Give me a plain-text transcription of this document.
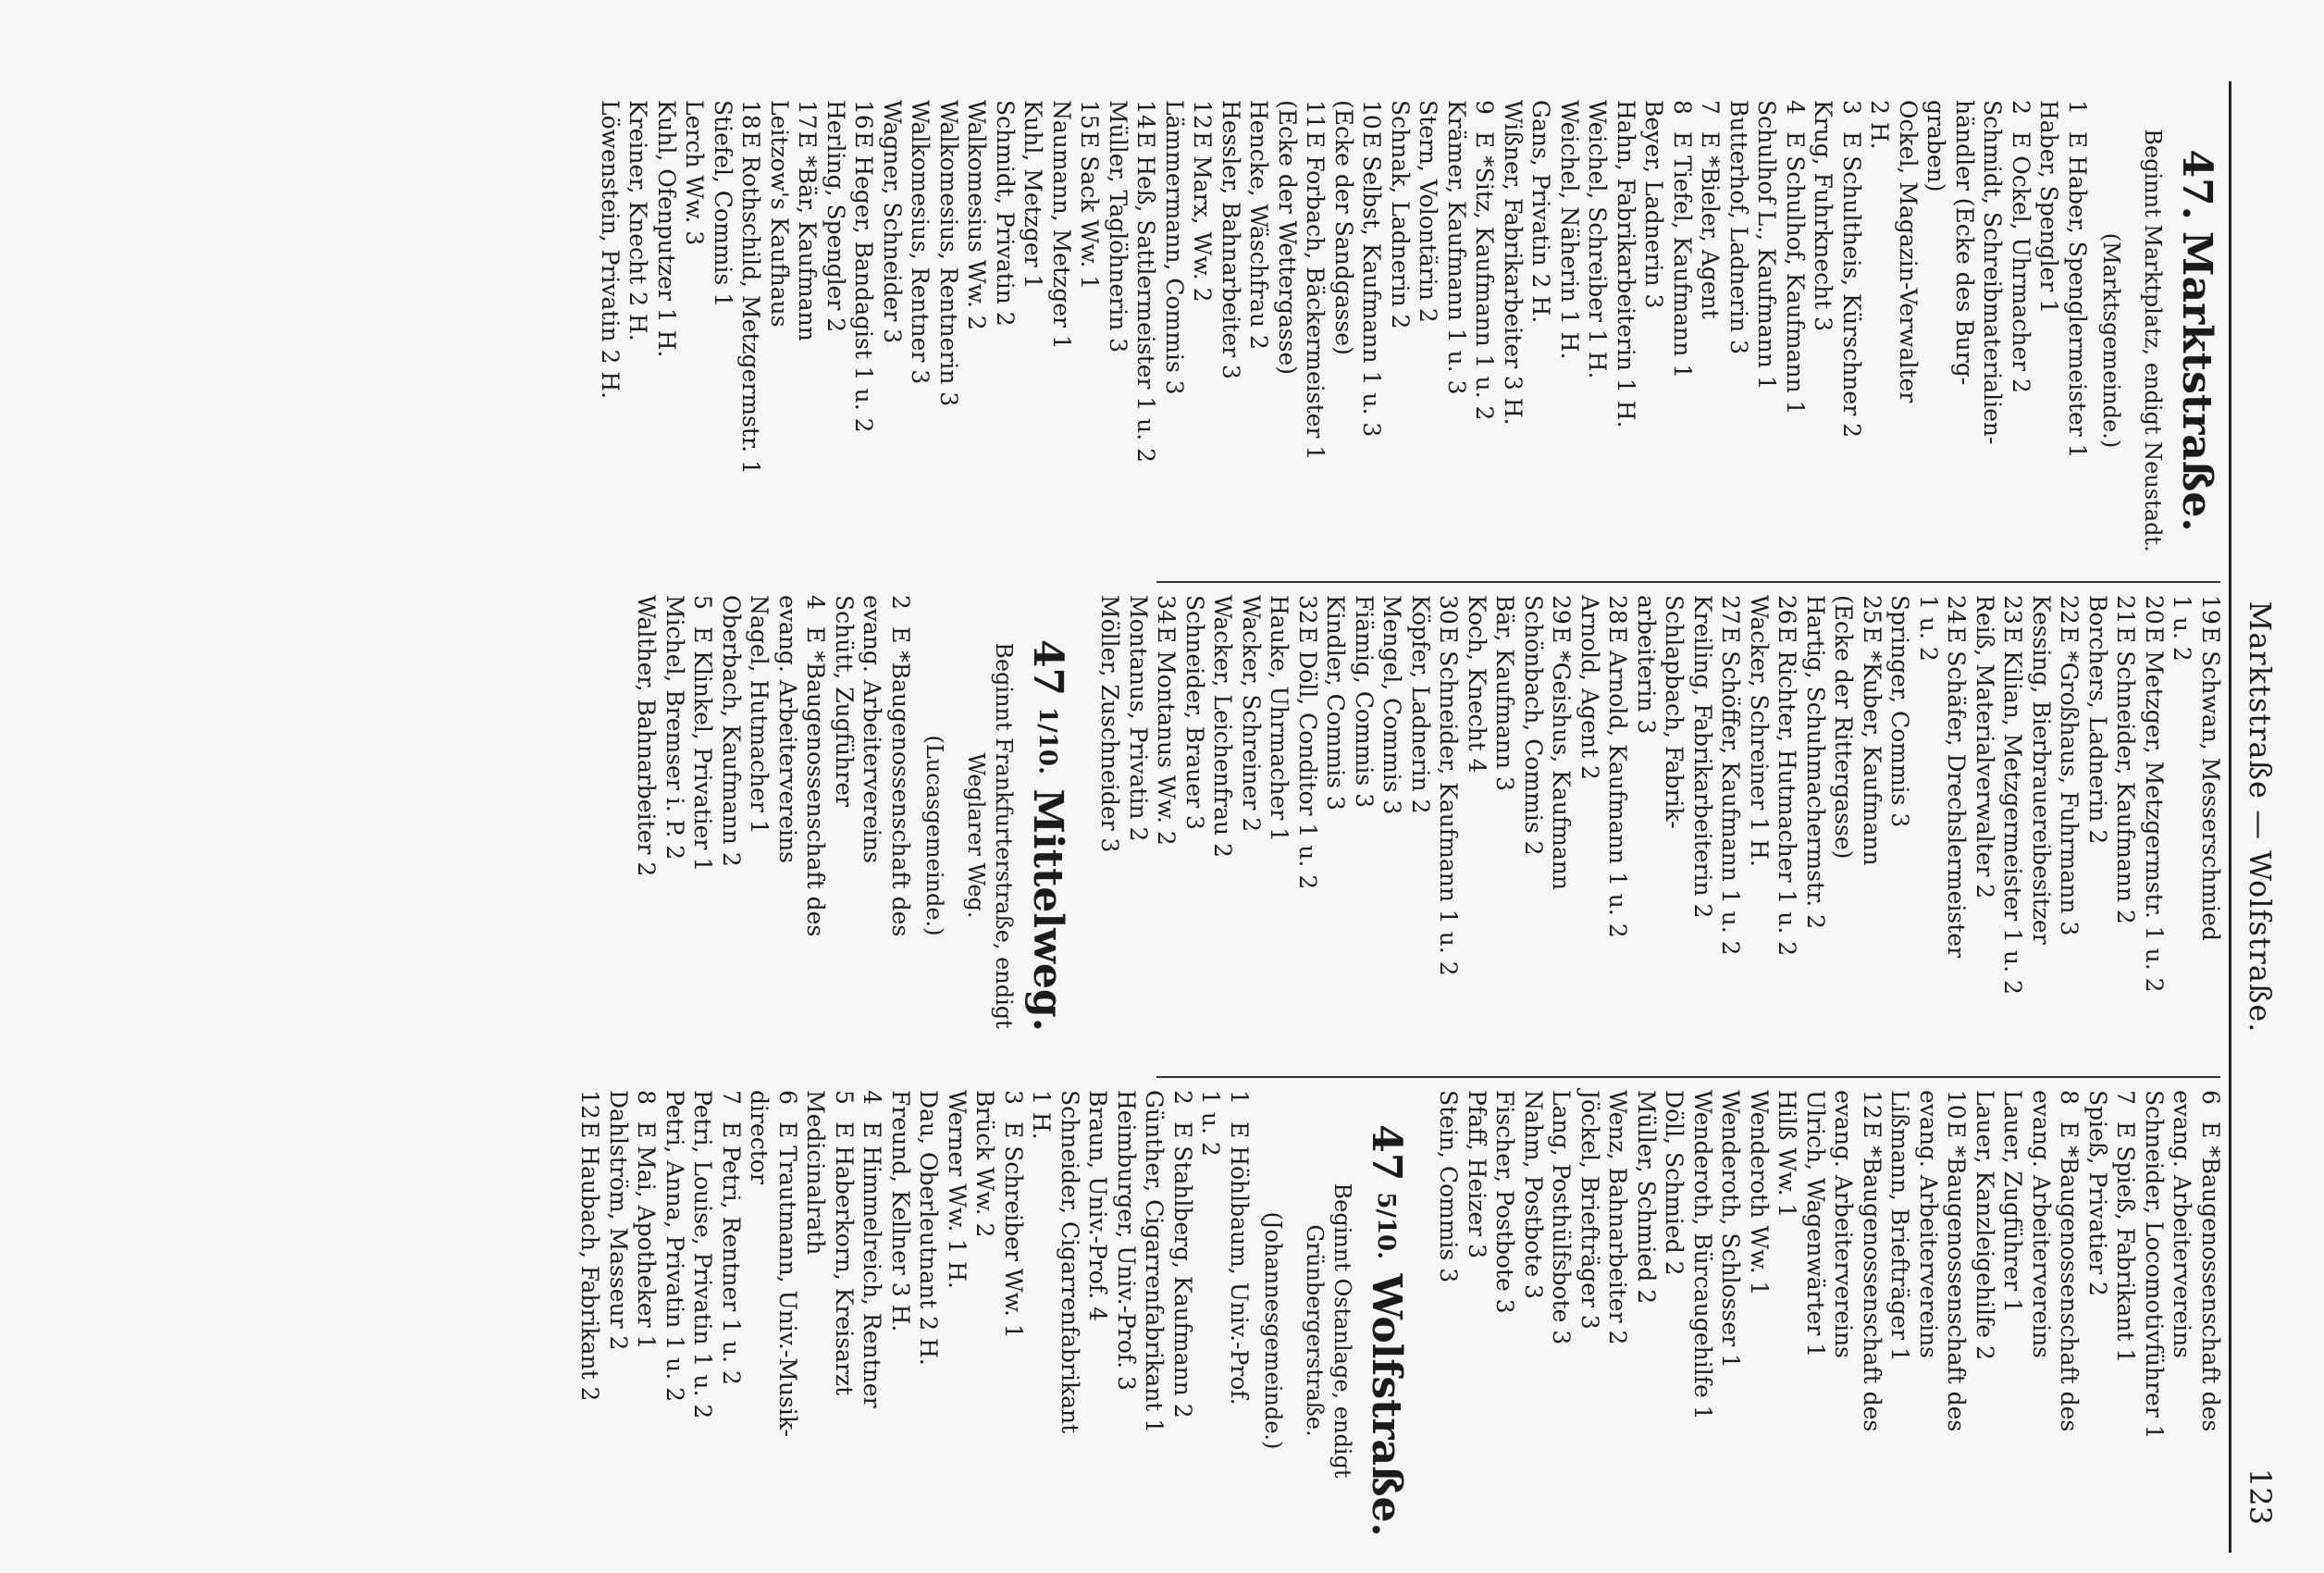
Marktstraße — Wolfstraße.
123
47.Marktstraße.
Beginnt Marktplatz, endigt Neustadt.
(Marktsgemeinde.)
1E Haber, Spenglermeister 1
Haber, Spengler 1
2E Ockel, Uhrmacher 2
Schmidt, Schreibmaterialien-
händler (Ecke des Burg-
graben)
Ockel, Magazin-Verwalter
2 H.
3E Schultheis, Kürschner 2
Krug, Fuhrknecht 3
4E Schulhof, Kaufmann 1
Schulhof L., Kaufmann 1
Butterhof, Ladnerin 3
7E *Bieler, Agent
8E Tiefel, Kaufmann 1
Beyer, Ladnerin 3
Hahn, Fabrikarbeiterin 1 H.
Weichel, Schreiber 1 H.
Weichel, Näherin 1 H.
Gans, Privatin 2 H.
Wißner, Fabrikarbeiter 3 H.
9E *Sitz, Kaufmann 1 u. 2
Krämer, Kaufmann 1 u. 3
Stern, Volontärin 2
Schnak, Ladnerin 2
10E Selbst, Kaufmann 1 u. 3
(Ecke der Sandgasse)
11E Forbach, Bäckermeister 1
(Ecke der Wettergasse)
Hencke, Wäschfrau 2
Hessler, Bahnarbeiter 3
12E Marx, Ww. 2
Lämmermann, Commis 3
14E Heß, Sattlermeister 1 u. 2
Müller, Taglöhnerin 3
15E Sack Ww. 1
Naumann, Metzger 1
Kuhl, Metzger 1
Schmidt, Privatin 2
Walkomesius Ww. 2
Walkomesius, Rentnerin 3
Walkomesius, Rentner 3
Wagner, Schneider 3
16E Heger, Bandagist 1 u. 2
Herling, Spengler 2
17E *Bär, Kaufmann
Leitzow's Kaufhaus
18E Rothschild, Metzgermstr. 1
Stiefel, Commis 1
Lerch Ww. 3
Kuhl, Ofenputzer 1 H.
Kreiner, Knecht 2 H.
Löwenstein, Privatin 2 H.
19E Schwan, Messerschmied
1 u. 2
20E Metzger, Metzgermstr. 1 u. 2
21E Schneider, Kaufmann 2
Borchers, Ladnerin 2
22E *Großhaus, Fuhrmann 3
Kessing, Bierbrauereibesitzer
23E Kilian, Metzgermeister 1 u. 2
Reiß, Materialverwalter 2
24E Schäfer, Drechslermeister
1 u. 2
Springer, Commis 3
25E *Kuber, Kaufmann
(Ecke der Rittergasse)
Hartig, Schuhmachermstr. 2
26E Richter, Hutmacher 1 u. 2
Wacker, Schreiner 1 H.
27E Schöffer, Kaufmann 1 u. 2
Kreiling, Fabrikarbeiterin 2
Schlapbach, Fabrik-
arbeiterin 3
28E Arnold, Kaufmann 1 u. 2
Arnold, Agent 2
29E *Geishus, Kaufmann
Schönbach, Commis 2
Bär, Kaufmann 3
Koch, Knecht 4
30E Schneider, Kaufmann 1 u. 2
Köpfer, Ladnerin 2
Mengel, Commis 3
Fiämig, Commis 3
Kindler, Commis 3
32E Döll, Conditor 1 u. 2
Hauke, Uhrmacher 1
Wacker, Schreiner 2
Wacker, Leichenfrau 2
Schneider, Brauer 3
34E Montanus Ww. 2
Montanus, Privatin 2
Möller, Zuschneider 3
$47^{1/10.}$ Mittelweg.
Beginnt Frankfurterstraße, endigt Weglarer Weg.
(Lucasgemeinde.)
2E *Baugenossenschaft des
evang. Arbeitervereins
Schütt, Zugführer
4E *Baugenossenschaft des
evang. Arbeitervereins
Nagel, Hutmacher 1
Oberbach, Kaufmann 2
5E Klinkel, Privatier 1
Michel, Bremser i. P. 2
Walther, Bahnarbeiter 2
6E *Baugenossenschaft des
evang. Arbeitervereins
Schneider, Locomotivführer 1
7E Spieß, Fabrikant 1
Spieß, Privatier 2
8E *Baugenossenschaft des
evang. Arbeitervereins
Lauer, Zugführer 1
Lauer, Kanzleigehilfe 2
10E *Baugenossenschaft des
evang. Arbeitervereins
Lißmann, Briefträger 1
12E *Baugenossenschaft des
evang. Arbeitervereins
Ulrich, Wagenwärter 1
Hilß Ww. 1
Wenderoth Ww. 1
Wenderoth, Schlosser 1
Wenderoth, Bürcaugehilfe 1
Döll, Schmied 2
Müller, Schmied 2
Wenz, Bahnarbeiter 2
Jöckel, Briefträger 3
Lang, Posthülfsbote 3
Nahm, Postbote 3
Fischer, Postbote 3
Pfaff, Heizer 3
Stein, Commis 3
$47^{5/10.}$ Wolfstraße.
Beginnt Ostanlage, endigt Grünbergerstraße.
(Johannesgemeinde.)
1E Höhlbaum, Univ.-Prof.
1 u. 2
2E Stahlberg, Kaufmann 2
Günther, Cigarrenfabrikant 1
Heimburger, Univ.-Prof. 3
Braun, Univ.-Prof. 4
Schneider, Cigarrenfabrikant
1 H.
3E Schreiber Ww. 1
Brück Ww. 2
Werner Ww. 1 H.
Dau, Oberleutnant 2 H.
Freund, Kellner 3 H.
4E Himmelreich, Rentner
5E Haberkorn, Kreisarzt
Medicinalrath
6E Trautmann, Univ.-Musik-
director
7E Petri, Rentner 1 u. 2
Petri, Louise, Privatin 1 u. 2
Petri, Anna, Privatin 1 u. 2
8E Mai, Apotheker 1
Dahlström, Masseur 2
12E Haubach, Fabrikant 2
